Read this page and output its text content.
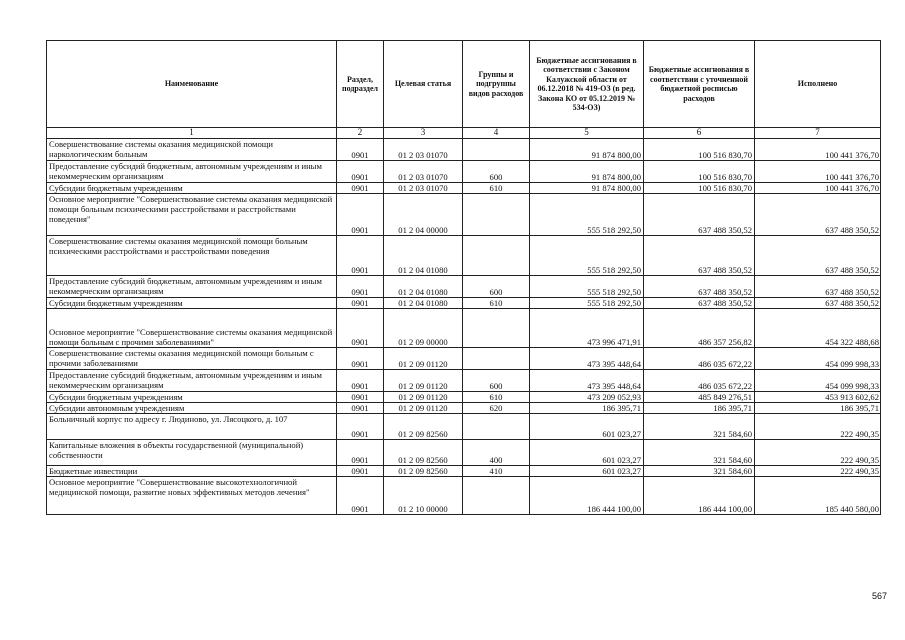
Наименование	Раздел, подраздел	Целевая статья	Группы и подгруппы видов расходов	Бюджетные ассигнования в соответствии с Законом Калужской области от 06.12.2018 № 419-ОЗ (в ред. Закона КО от 05.12.2019 № 534-ОЗ)	Бюджетные ассигнования в соответствии с уточненной бюджетной росписью расходов	Исполнено
1	2	3	4	5	6	7
Совершенствование системы оказания медицинской помощи наркологическим больным	0901	01 2 03 01070		91 874 800,00	100 516 830,70	100 441 376,70
Предоставление субсидий бюджетным, автономным учреждениям и иным некоммерческим организациям	0901	01 2 03 01070	600	91 874 800,00	100 516 830,70	100 441 376,70
Субсидии бюджетным учреждениям	0901	01 2 03 01070	610	91 874 800,00	100 516 830,70	100 441 376,70
Основное мероприятие "Совершенствование системы оказания медицинской помощи больным психическими расстройствами и расстройствами поведения"	0901	01 2 04 00000		555 518 292,50	637 488 350,52	637 488 350,52
Совершенствование системы оказания медицинской помощи больным психическими расстройствами и расстройствами поведения	0901	01 2 04 01080		555 518 292,50	637 488 350,52	637 488 350,52
Предоставление субсидий бюджетным, автономным учреждениям и иным некоммерческим организациям	0901	01 2 04 01080	600	555 518 292,50	637 488 350,52	637 488 350,52
Субсидии бюджетным учреждениям	0901	01 2 04 01080	610	555 518 292,50	637 488 350,52	637 488 350,52
Основное мероприятие "Совершенствование системы оказания медицинской помощи больным с прочими заболеваниями"	0901	01 2 09 00000		473 996 471,91	486 357 256,82	454 322 488,68
Совершенствование системы оказания медицинской помощи больным с прочими заболеваниями	0901	01 2 09 01120		473 395 448,64	486 035 672,22	454 099 998,33
Предоставление субсидий бюджетным, автономным учреждениям и иным некоммерческим организациям	0901	01 2 09 01120	600	473 395 448,64	486 035 672,22	454 099 998,33
Субсидии бюджетным учреждениям	0901	01 2 09 01120	610	473 209 052,93	485 849 276,51	453 913 602,62
Субсидии автономным учреждениям	0901	01 2 09 01120	620	186 395,71	186 395,71	186 395,71
Больничный корпус по адресу г. Людиново, ул. Лясоцкого, д. 107	0901	01 2 09 82560		601 023,27	321 584,60	222 490,35
Капитальные вложения в объекты государственной (муниципальной) собственности	0901	01 2 09 82560	400	601 023,27	321 584,60	222 490,35
Бюджетные инвестиции	0901	01 2 09 82560	410	601 023,27	321 584,60	222 490,35
Основное мероприятие "Совершенствование высокотехнологичной медицинской помощи, развитие новых эффективных методов лечения"	0901	01 2 10 00000		186 444 100,00	186 444 100,00	185 440 580,00
567
